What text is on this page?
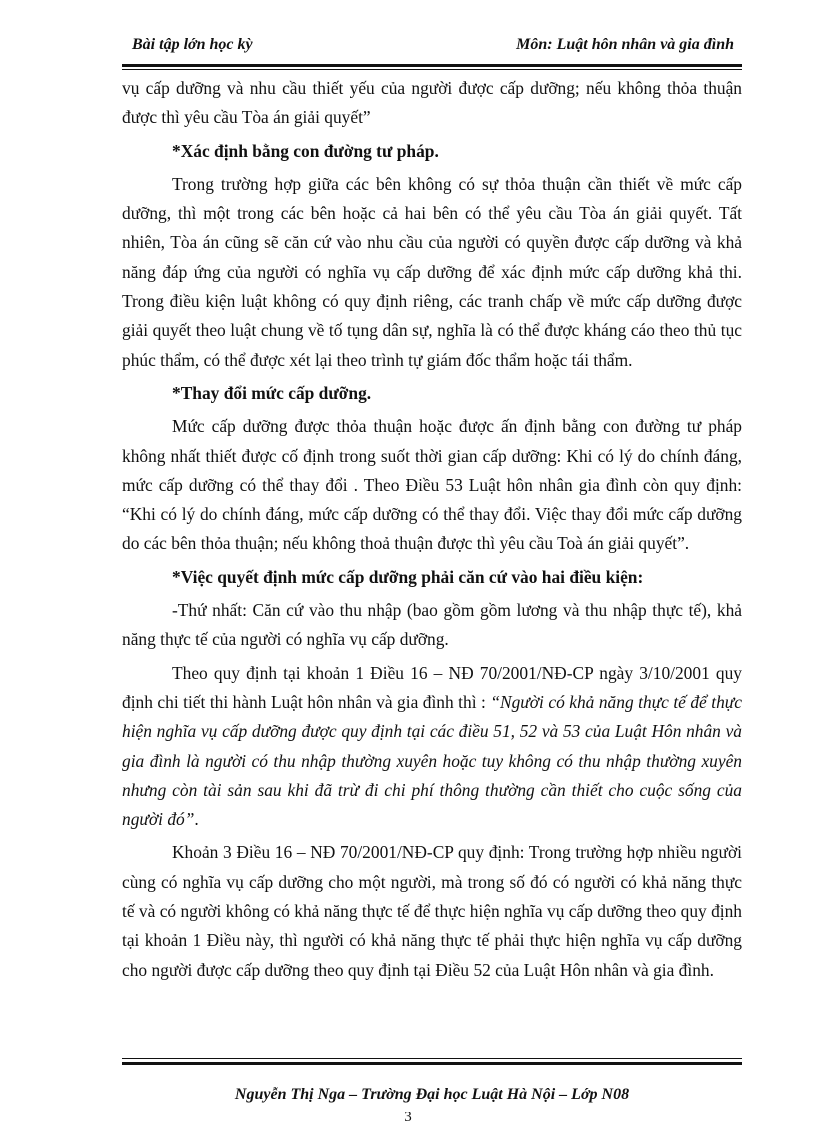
Bài tập lớn học kỳ	Môn: Luật hôn nhân và gia đình

vụ cấp dưỡng và nhu cầu thiết yếu của người được cấp dưỡng; nếu không thỏa thuận được thì yêu cầu Tòa án giải quyết”

*Xác định bằng con đường tư pháp.

Trong trường hợp giữa các bên không có sự thỏa thuận cần thiết về mức cấp dưỡng, thì một trong các bên hoặc cả hai bên có thể yêu cầu Tòa án giải quyết. Tất nhiên, Tòa án cũng sẽ căn cứ vào nhu cầu của người có quyền được cấp dưỡng và khả năng đáp ứng của người có nghĩa vụ cấp dưỡng để xác định mức cấp dưỡng khả thi. Trong điều kiện luật không có quy định riêng, các tranh chấp về mức cấp dưỡng được giải quyết theo luật chung về tố tụng dân sự, nghĩa là có thể được kháng cáo theo thủ tục phúc thẩm, có thể được xét lại theo trình tự giám đốc thẩm hoặc tái thẩm.

*Thay đổi mức cấp dưỡng.

Mức cấp dưỡng được thỏa thuận hoặc được ấn định bằng con đường tư pháp không nhất thiết được cố định trong suốt thời gian cấp dưỡng: Khi có lý do chính đáng, mức cấp dưỡng có thể thay đổi . Theo Điều 53 Luật hôn nhân gia đình còn quy định: “Khi có lý do chính đáng, mức cấp dưỡng có thể thay đổi. Việc thay đổi mức cấp dưỡng do các bên thỏa thuận; nếu không thoả thuận được thì yêu cầu Toà án giải quyết”.

*Việc quyết định mức cấp dưỡng phải căn cứ vào hai điều kiện:

-Thứ nhất: Căn cứ vào thu nhập (bao gồm gồm lương và thu nhập thực tế), khả năng thực tế của người có nghĩa vụ cấp dưỡng.

Theo quy định tại khoản 1 Điều 16 – NĐ 70/2001/NĐ-CP ngày 3/10/2001 quy định chi tiết thi hành Luật hôn nhân và gia đình thì : “Người có khả năng thực tế để thực hiện nghĩa vụ cấp dưỡng được quy định tại các điều 51, 52 và 53 của Luật Hôn nhân và gia đình là người có thu nhập thường xuyên hoặc tuy không có thu nhập thường xuyên nhưng còn tài sản sau khi đã trừ đi chi phí thông thường cần thiết cho cuộc sống của người đó”.

Khoản 3 Điều 16 – NĐ 70/2001/NĐ-CP quy định: Trong trường hợp nhiều người cùng có nghĩa vụ cấp dưỡng cho một người, mà trong số đó có người có khả năng thực tế và có người không có khả năng thực tế để thực hiện nghĩa vụ cấp dưỡng theo quy định tại khoản 1 Điều này, thì người có khả năng thực tế phải thực hiện nghĩa vụ cấp dưỡng cho người được cấp dưỡng theo quy định tại Điều 52 của Luật Hôn nhân và gia đình.

Nguyễn Thị Nga – Trường Đại học Luật Hà Nội – Lớp N08
3
